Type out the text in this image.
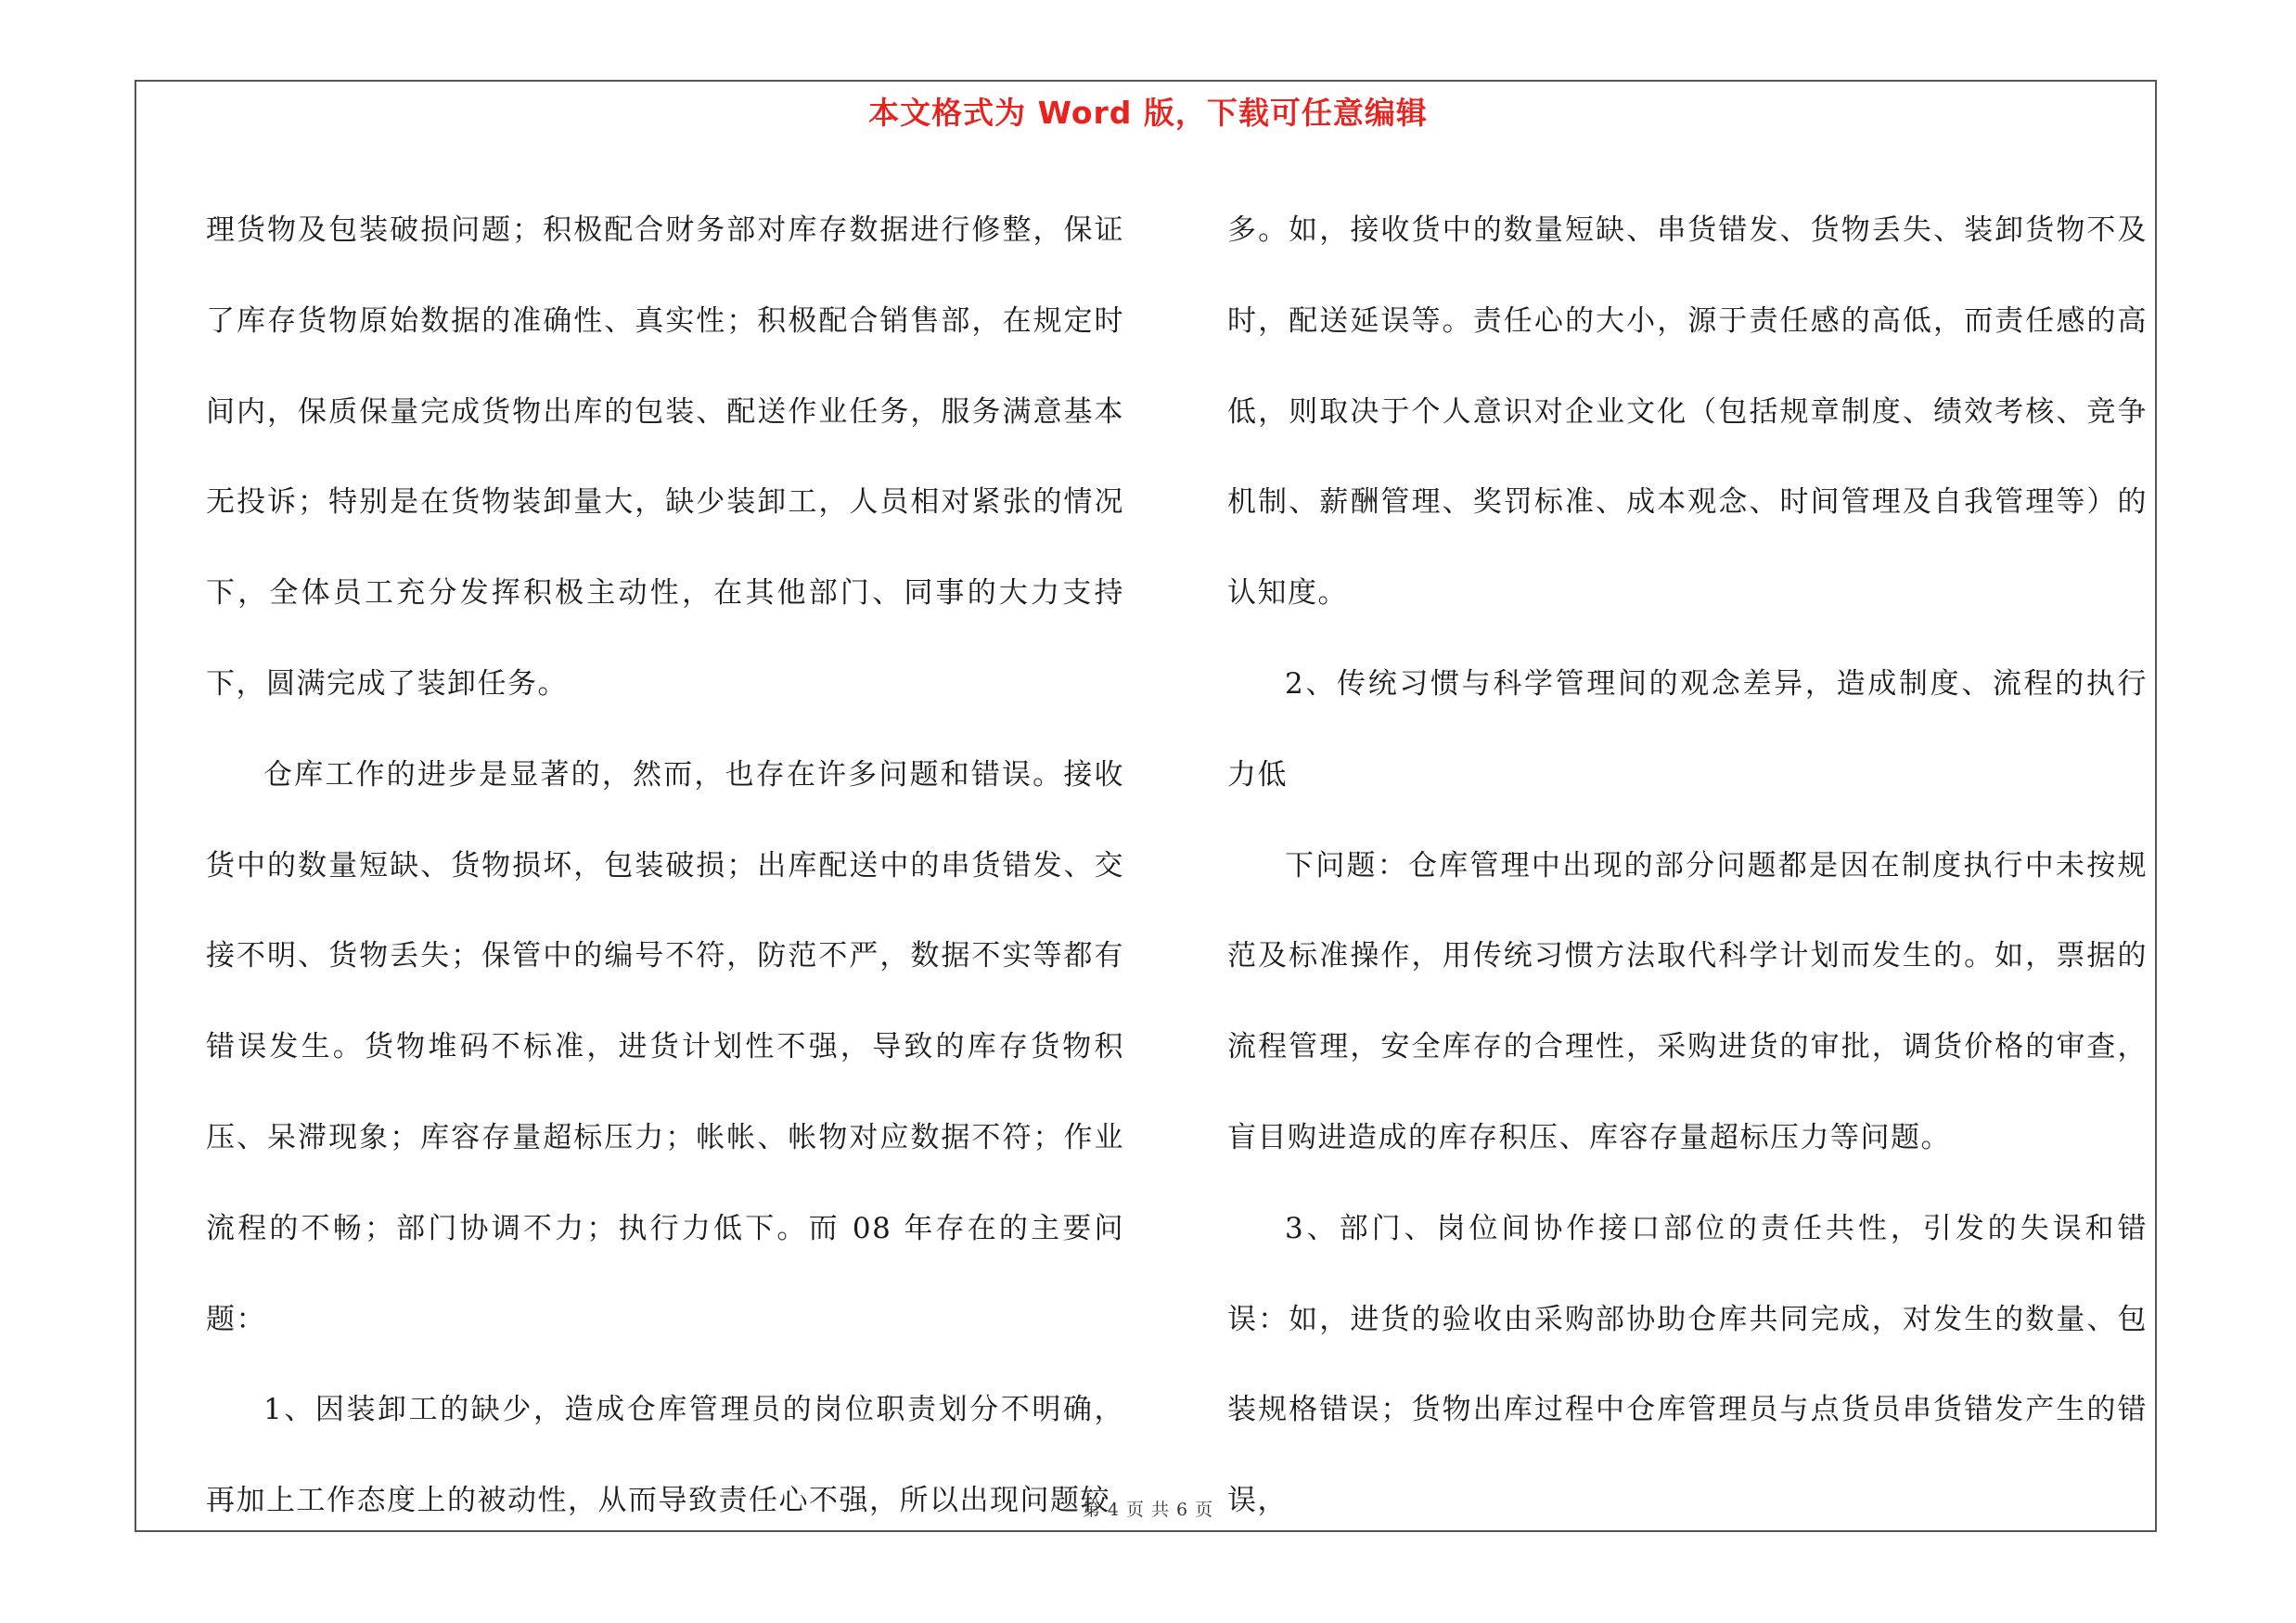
本文格式为 Word 版，下载可任意编辑

理货物及包装破损问题；积极配合财务部对库存数据进行修整，保证了库存货物原始数据的准确性、真实性；积极配合销售部，在规定时间内，保质保量完成货物出库的包装、配送作业任务，服务满意基本无投诉；特别是在货物装卸量大，缺少装卸工，人员相对紧张的情况下，全体员工充分发挥积极主动性，在其他部门、同事的大力支持下，圆满完成了装卸任务。

仓库工作的进步是显著的，然而，也存在许多问题和错误。接收货中的数量短缺、货物损坏，包装破损；出库配送中的串货错发、交接不明、货物丢失；保管中的编号不符，防范不严，数据不实等都有错误发生。货物堆码不标准，进货计划性不强，导致的库存货物积压、呆滞现象；库容存量超标压力；帐帐、帐物对应数据不符；作业流程的不畅；部门协调不力；执行力低下。而 08 年存在的主要问题：

1、因装卸工的缺少，造成仓库管理员的岗位职责划分不明确，再加上工作态度上的被动性，从而导致责任心不强，所以出现问题较

多。如，接收货中的数量短缺、串货错发、货物丢失、装卸货物不及时，配送延误等。责任心的大小，源于责任感的高低，而责任感的高低，则取决于个人意识对企业文化（包括规章制度、绩效考核、竞争机制、薪酬管理、奖罚标准、成本观念、时间管理及自我管理等）的认知度。

2、传统习惯与科学管理间的观念差异，造成制度、流程的执行力低

下问题：仓库管理中出现的部分问题都是因在制度执行中未按规范及标准操作，用传统习惯方法取代科学计划而发生的。如，票据的流程管理，安全库存的合理性，采购进货的审批，调货价格的审查，盲目购进造成的库存积压、库容存量超标压力等问题。

3、部门、岗位间协作接口部位的责任共性，引发的失误和错误：如，进货的验收由采购部协助仓库共同完成，对发生的数量、包装规格错误；货物出库过程中仓库管理员与点货员串货错发产生的错误，

第 4 页 共 6 页
